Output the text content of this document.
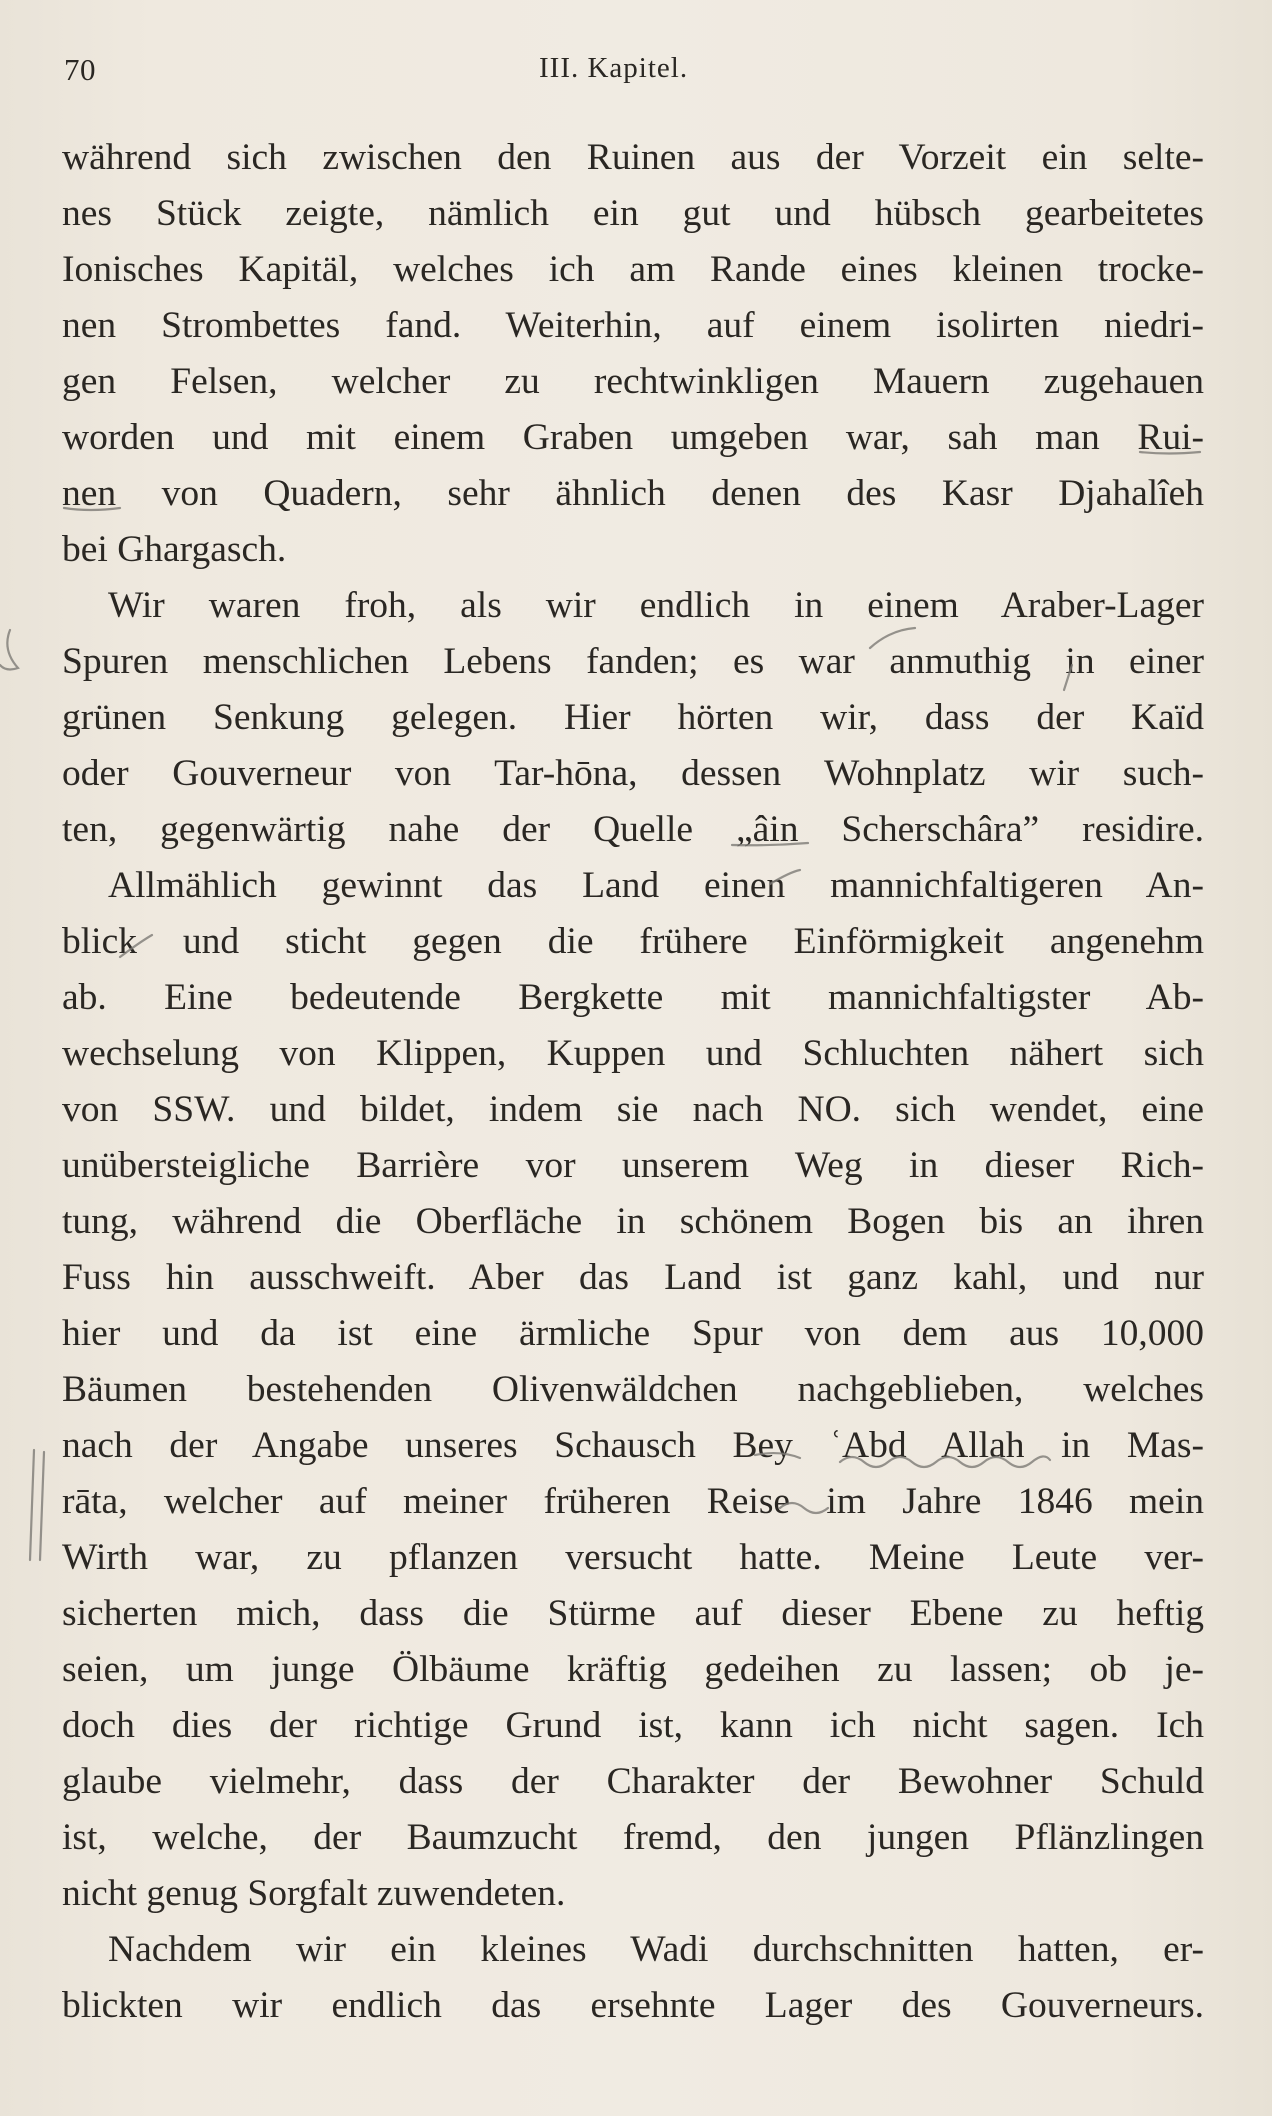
70	III. Kapitel.
während sich zwischen den Ruinen aus der Vorzeit ein selte-
nes Stück zeigte, nämlich ein gut und hübsch gearbeitetes
Ionisches Kapitäl, welches ich am Rande eines kleinen trocke-
nen Strombettes fand. Weiterhin, auf einem isolirten niedri-
gen Felsen, welcher zu rechtwinkligen Mauern zugehauen
worden und mit einem Graben umgeben war, sah man Rui-
nen von Quadern, sehr ähnlich denen des Kasr Djahalîeh
bei Ghargasch.
Wir waren froh, als wir endlich in einem Araber-Lager
Spuren menschlichen Lebens fanden; es war anmuthig in einer
grünen Senkung gelegen. Hier hörten wir, dass der Kaïd
oder Gouverneur von Tar-hōna, dessen Wohnplatz wir such-
ten, gegenwärtig nahe der Quelle „âin Scherschâra” residire.
Allmählich gewinnt das Land einen mannichfaltigeren An-
blick und sticht gegen die frühere Einförmigkeit angenehm
ab. Eine bedeutende Bergkette mit mannichfaltigster Ab-
wechselung von Klippen, Kuppen und Schluchten nähert sich
von SSW. und bildet, indem sie nach NO. sich wendet, eine
unübersteigliche Barrière vor unserem Weg in dieser Rich-
tung, während die Oberfläche in schönem Bogen bis an ihren
Fuss hin ausschweift. Aber das Land ist ganz kahl, und nur
hier und da ist eine ärmliche Spur von dem aus 10,000
Bäumen bestehenden Olivenwäldchen nachgeblieben, welches
nach der Angabe unseres Schausch Bey ʿAbd Allah in Mas-
rāta, welcher auf meiner früheren Reise im Jahre 1846 mein
Wirth war, zu pflanzen versucht hatte. Meine Leute ver-
sicherten mich, dass die Stürme auf dieser Ebene zu heftig
seien, um junge Ölbäume kräftig gedeihen zu lassen; ob je-
doch dies der richtige Grund ist, kann ich nicht sagen. Ich
glaube vielmehr, dass der Charakter der Bewohner Schuld
ist, welche, der Baumzucht fremd, den jungen Pflänzlingen
nicht genug Sorgfalt zuwendeten.
Nachdem wir ein kleines Wadi durchschnitten hatten, er-
blickten wir endlich das ersehnte Lager des Gouverneurs.
